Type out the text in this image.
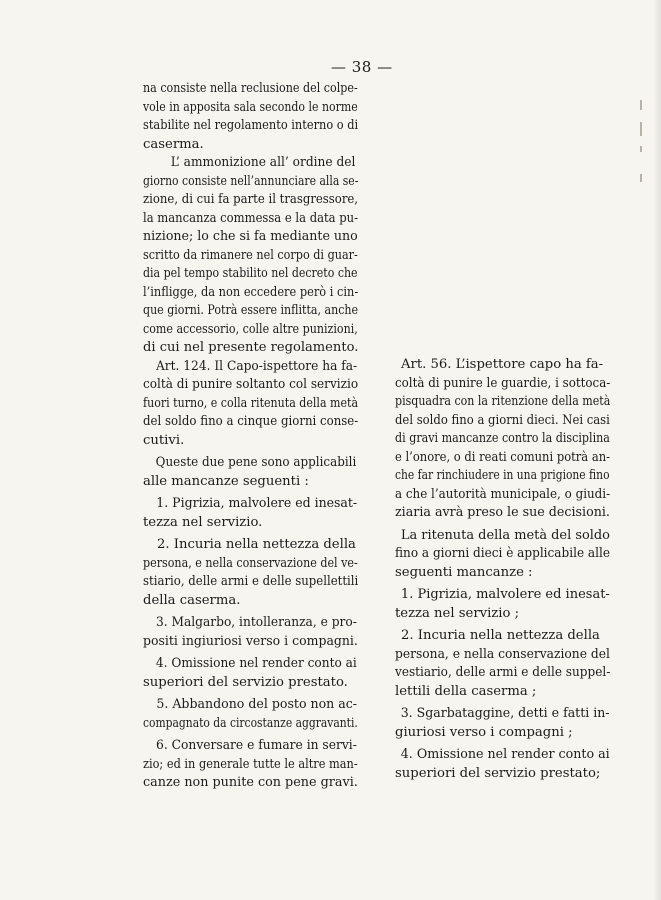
— 38 —
na consiste nella reclusione del colpe-
vole in apposita sala secondo le norme
stabilite nel regolamento interno o di
caserma.
L’ ammonizione all’ ordine del
giorno consiste nell’annunciare alla se-
zione, di cui fa parte il trasgressore,
la mancanza commessa e la data pu-
nizione; lo che si fa mediante uno
scritto da rimanere nel corpo di guar-
dia pel tempo stabilito nel decreto che
l’infligge, da non eccedere però i cin-
que giorni. Potrà essere inflitta, anche
come accessorio, colle altre punizioni,
di cui nel presente regolamento.
Art. 124. Il Capo-ispettore ha fa-
coltà di punire soltanto col servizio
fuori turno, e colla ritenuta della metà
del soldo fino a cinque giorni conse-
cutivi.
Queste due pene sono applicabili
alle mancanze seguenti :
1. Pigrizia, malvolere ed inesat-
tezza nel servizio.
2. Incuria nella nettezza della
persona, e nella conservazione del ve-
stiario, delle armi e delle supellettili
della caserma.
3. Malgarbo, intolleranza, e pro-
positi ingiuriosi verso i compagni.
4. Omissione nel render conto ai
superiori del servizio prestato.
5. Abbandono del posto non ac-
compagnato da circostanze aggravanti.
6. Conversare e fumare in servi-
zio; ed in generale tutte le altre man-
canze non punite con pene gravi.
Art. 56. L’ispettore capo ha fa-
coltà di punire le guardie, i sottoca-
pisquadra con la ritenzione della metà
del soldo fino a giorni dieci. Nei casi
di gravi mancanze contro la disciplina
e l’onore, o di reati comuni potrà an-
che far rinchiudere in una prigione fino
a che l’autorità municipale, o giudi-
ziaria avrà preso le sue decisioni.
La ritenuta della metà del soldo
fino a giorni dieci è applicabile alle
seguenti mancanze :
1. Pigrizia, malvolere ed inesat-
tezza nel servizio ;
2. Incuria nella nettezza della
persona, e nella conservazione del
vestiario, delle armi e delle suppel-
lettili della caserma ;
3. Sgarbataggine, detti e fatti in-
giuriosi verso i compagni ;
4. Omissione nel render conto ai
superiori del servizio prestato;
